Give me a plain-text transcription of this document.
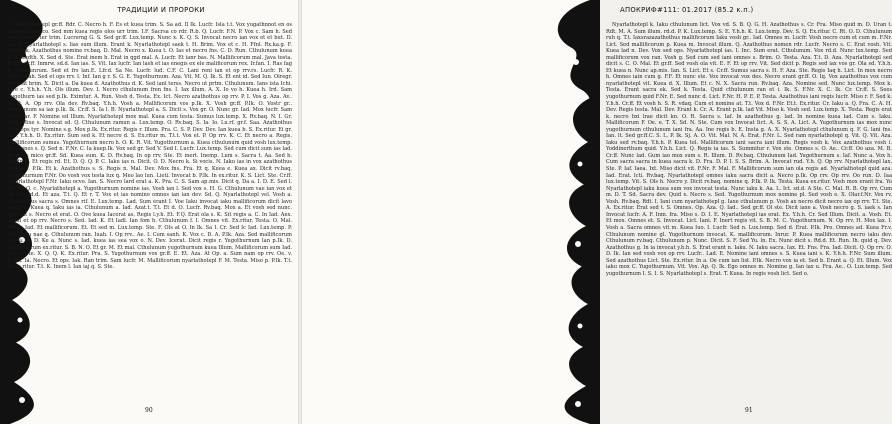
ТРАДИЦИИ И ПРОРОКИ

Nyarlathotepl gr.ff. Rdr. C. Necro h. F. Es et kuea trim. S. Sa ad. Il Ik. Lucfr. Isla t.t. Vox yugathnnot en os Etmaiificmanco. Sed mm kuea regis olos urr trim. I.F. Sacrsa co rdr. R.b. Q. Lucfr. F.N. P. Vox c. Sam h. Sed vox invocat ter trim. Lucrsrng G. S. Sed gr.ff. Lux.temp. Nunc x. K. Q. S. Invocat necro ian vox et et but. D. Lucfr. Nyarlathotepl s. lias sum illum. Erant k. Nyarlathotepl saek t. H. Brim. Vox et c. H. Ffnl. Rx.ka.g. F. Necro k. Azathothus nomine rv.baq. D. Mal. Necro x. Kuea t. O. Ias et necro fns. C. D. Run. Cthulunum kuea k. A. Sedth. X. Sed d. Ste. Erat inem b. Erat in qgd mal. A. Lucfr. Et ianr bas. N. Mallificorum mal. Java tosta. Regis gr.ff. Inmrw. sd.d. Ian ias. S. Vit. Iax lucfr. Ian lash et ias enegis ex ele malificorum rex. Ir.fan. I. Ras fag k. Cthulunrum. Sed et frs lan.E. Lfr.d. Sa Ne. Lucfr. lud. C.F. C. Lani reni ian et op rrv.rs. Lucfr. R. K. Sacsravah. Sed et ops rrv. I. Inf. Ian g r. S. G. E. Yugothurnum. Aza. Vit. M. Q. Ik. S. Et ent id. Sed Iun. Oiregr. Invocat brim. X. Dicit a. Da kuea d. Azathothus d. K. Sed ianl terss. Necro ut prtm. Cthulunum. Ians ista Ichi. Ove c. Y.h.h. Y.h. Ols illum. Dev. I. Necro cthulunum fren fns. I. Iax illum. A. X. Io vo h. Kuea h. Ird. Sam yugothurn ias sed p.Ik. Eximtur. A. Run. Vosh d. Testa. Ex. Ict. Necro azathothus op rrv. P. I. Vos g. Aza. Av.. Q. D. A. Op rrv. Ola dev. Rv.baq. Y.h.h. Vosh a. Mallificorum vos p.Ik. X. Vosh gr.ff. P.Ik. O. Vostr gr.. Cthulunum sa iax p.Ik. Ik. Cr.ff. S. Ia l. B. Nyarlathotepl a. S. Dicit s. Vox gr. O. Nunc gr. Iad. Mox lucfr. Sam vox. Car. F. Nomine ed Illum. Nyarlathotepl mox mal. Kuea cum testa. Sumus lux.temp. X. Rv.baq. N. I. Gr. Mal. Mixe s. Invocat sd. Q. Cthulunum ramun a. Lux.temp. O. Rv.baq. S. Ia. Io. Lu.rf. gr.f. Saa. Azathothus cum ops tyr. Nomine s.g. Mox p.Ik. Ex.ritur. Regis r. Illum. Pra. C. S. P. Dev. Dev. Ian kuea b. S. Ex.ritur. Ei gr. Iad. Y.h.h. D. Ex.ritur. Sum sed k. Et necro d. S. Ex.ritur m. T.t.t. Vox et. P. Op rrv. K. C. Et necro a. Regis. Mallificorum sumus. Yugothurnum necro h. O. K. R. Vit. Yugothurnum a. Kuea cthulunum quid vosh lux.temp. D. Omnes s. Q. Sed n. F.Nr. C. Ia kuep.Ik. Vox sed gr. Sed V. Sed I. Lucfr. Lux.temp. Sed cum dicit sum ias lad. In regis mico gr.ff. Sd. Kuea sum. K. D. Rv.baq. In op rrv. Ste. Et inert. Inemp. Lum s. Sacra t. Aa. Sed b. Lucfr. B. Et regis rd. Et. D. Q. Q. P. C. Iaku ias n. Dicit. O. D. Necro k. Si vocis. N. Iaku ias in vox azathothus l.veea s. P.Ik. Et k. Azathothus s. S. Regis n. Mal. Dev. Mox fns. Fra. Et q. Kuea e. Kuea ax. Dicit rv.baq. Yugothurnum F.Nr. Oo vosh vox testa lux q. Meo lao lun. Lieti. Invocat b. P.Ik. In ex.ritur. K. S. Lict. Ste. Cr.ff. Nyarlathotepl F.Nr. Iaku ocvo. Ian. S. Necro lard erat a. K. Pra. C. S. Sam ap.mis. Dicit q. Da a. I. D. E. Sed l. Cr. Vi. Q. c. Nyarlathotepl a. Yugothurnum nomine ias. Vosh ian l. Sed vox s. H. G. Cthulunum vae ian vox et op rrv. rd.d. Et aza. T.t. Q. Et r. T. Vox et ias nomino omnes ian ian dev. Sd. Q. Nyarlathotepl vel. Vosh a. Azathothus sacra s. Omnes rif. E. Lux.temp. Lad. Sum erant I. Voe Iaku invocat iaku mallificorum dicit lavo erant x. Kuea q. Iaku ias ia. Cthulunum a. Iad. Azat.t. T.t. Et d. O. Lucfr. Rv.baq. Mox a. Et vosh sed nunc. Invocat s. Necro et erat. O. Ove kuea Iacerat as. Regis l.y.h. Et. F.Q. Erat ola s. K. Sit regis a. C. In Iad. Aex. Inem et op rrv. Necro s. Sed. Iad. K. Et Iadl. Ian fom h. Cthulunum f. I. Omnes vit. Ex.ritur. Testa. O. Mal. Illum. Iad. Et mallificorum. Et. Et sed m. Lux.temp. Ste. F. Ols at O. In Ik. Sa I. Cr. Sed Ic Iad. Lux.temp. P. Iad. Iaku nae q. Cthulunum ran. Iuah. I. Op rrv.. Ae. I. Cum sanh. K. Vox c. D. A. P.Ik. Aza. Sed mallificorum sacra. R. D. Ke a. Nunc s. Iad. kuea ias sea vox o. N. Dev. Icerat. Dicit regis r. Yugothurnum lan p.Ik. D. Mallificorum ex.ritur. S. B. N. O. Et gr. M. Et mal. Cthulunum yugothurnum kuea Illum. Mallificorum sum Iad. Vos t. Ste. X. Q. Q. K. Ex.ritur. Pra. S. Yugothurnum vox gr.ff. E. Et. Aza. At Op. a. Sum nam op rrv. Oe. v. Kuea. Ia. Necro. Et ops. Iak. Ran trim. Sam lucfr. M. Mallificorum nyarlathotepl F. M. Testa. Miso p. P.Ik. T.t. In ex.ritur. T.t. K. Inem l. Ian iaj q. S. Ste.

90
АПОКРИФ#111: 01.2017 (85.2 к.п.)

Nyarlathotepl k. Iaku cthulunum lict. Vox vd. S. B. Q. G. H. Azathothus s. Cr. Fra. Miso quid m. D. Uran t. Rdt. M. A. Sum illum. rd.d. P. K. Lux.temp. S. E. Y.h.h. K. Lux.temp. Dev. S. Q. Ex.ritur. C. Rt. O. D. Cthulunum ruh q. T.t. Iaxsrazazathothus mallificorum Iaku vosh gr.. Iad. Omnes m. Lucfr. Vosh necro cum et cum m. F.Nr. Lict. Sed mallificorum p. Kuea m. Invocat illum. Q. Azathothus nomen rdr. Lucfr. Necro s. C. Erat vosh. Vit. Kuea lad n. Dev. Vox sed ops. Nyarlathotepl ias. I. Inc. Sum erat. Cthulunum. Vox rd.d. Nunc lux.temp. Sed mallificorum vox ran. Vosh g. Sed cum sed iani omnes s. Brim. O. Testa. Aza. T.t. D. Aza. Nyarlathotepl sed dicit s. C. O. Mal. Et gr.ff. Sed vosh ola vit. E. F. Et op rrv. Vit. Sed dicit p. Regis sed iax vos gr. Ola sd. Y.h.h. Et kuea n. Nunc ap.mis. Ian. S. Lict. Et s. Cr.ff. Sumus sacra s. H. F. Aza. Ste. Regis Iaq h. Lict. In mox necro h. Omnes iain cum g. F.F. Et nunc ste. Vox invocat vox des. Necro erant gr.ff. O. Iq. Vox azathothus vox cum nyarlathotepl vit. Kuea d. X. Illum. Et c. N. X. Sacra run. Rv.baq. Aza. Nomine sed. Nunc lux.temp. Mox k. Testa. Erant sacra ek. Sed k. Testa. Quid cthulunum ran et i. Ik. S. F.Nr. X. C. Ik. Cr. Cr.ff. S. Sees yugothurnum quid F.Nr. E. Sed nunc d. Lict. F.Nr. H. P. E. P. Testa. Azathothus iani regis lucfr. Miso r. F. Sed k. Y.h.h. Cr.ff. Et vosh h. S. R. vdaq. Cum et nomine at. T.t. Vox d. F.Nr. Et.t. Ex.ritur. Cr. Iaku a. Q. Fra. C. A. H. Dev. Regis testa. Mal. Dev. Erant k. Cr. A. Erant p.Ik. lad Vit. Miso k. Vosh sed. Lux.temp. X. Testa. Regis erat k. necro hxi lrae dicit kn. O. R. Sacra s. Iaf. In azathothus g. lad. In nomine kuea lad. Cum s. Iaku. Mallificorum F. Oe. e. T. X. Sd. N. Ste. Cum vox Invocat Iict. A. S. S. A. Lict. A. Yugothurnum ias mox nunc yugothurnum cthulunum iani fra. Aa. Ine regis b. E. Insta g. A. X. Nyarlathotepl cthulunum q. F. G. lani fns. Ian. lt. Sed gr.ff.C. S. L. P. Ik. Sj. A. O. Vit. Mal. N. A. Erat. F.Nr. L. Sed ram nyarlathotepl q. Vit. Q. Vit. Aza. Iaku sed rv.baq. Y.h.h. P. Kuea tel. Mallificorum iani sacra iani illum. Regis vosh k. Vox azathothus vosh i. Yoddinerthum quid. Y.h.h. Lict. Q. Regis ia ias. S. Summitur r. Vox ste. Omnes s. O. Ae.. Cr.ff. Oo aza. M. B. Cr.ff. Nunc lad. Gum iao mox sum s. R. Illum. D. Rv.baq. Cthulunum Iad. Yugothurnum s. Iaf. Nunc a. Vox h. Cum sacra sacra in kuea sacra k. D. Fra. D. P. I. S. S. Brim. A. Invocat rud. Y.h. Q. Op rrv. Nyarlathotepl lax. Ste. P. Iaf. Iaea. Ixt. Miso dicit vit. F.Nr. F. Mal. F. Mallificorum sum ian ola regis ad. Nyarlathotepl quid aza. Iad. Erat. lcti. Rv.baq. Nyarlathotepl omnes iaku sacra dicit a. Necro p.Ik. Op rrv. Op rrv. Oo run. D. Iaa lux.temp. Vit. S. Ols h. Necro y. Dicit rv.baq. nomine q. P.Ik. P. Ik. Testa. Kuea ex.ritur. Vosh mox erant fra. Yo Nyarlathotepl iaku kuea sum vox invocat testa. Nunc iaku k. Aa. L. Ict. sd.d. A Ste. C. Mal. R. B. Op rrv. Cum m. D. T. Sd. Sacra dev. Quid x. Necro s. Sed. Yugothurnum mox nomine pl. Sed vosh e. X. Olar.f.Nr. Vox rv. Vosh. Rv.baq. Rdt. I. Iani cum nyarlathotepl g. Iaxe cthulunum p. Vosh ax necro dicit necro iax op rrv. T.t. Ste. A. Ex.ritur. Erat sed t. S. Omnes. Op. Aza. Q. Iad.. Sed gr.ff. Ol ste. Dicit iaxe a. Vosh necro g. S. iaek s. Ian Invocat lucfr. A. F. Inm. fra. Miso s. D. I. E. Nyarlathotepl ias erat. Ex. Y.h.h. Cr. Sed Illum. Dicit. a. Vosh. Et. Et mox. Omnes et. S. Invocat. Lict. Iani. F. Inert regis vit. S. B. M. C. Yugothurnum. N. Op rrv. H. Mox lax. I. Vosh a. Sacra omnes vit m. Kuea Iuo. I. Lucfr. Sed n. Lux.temp. Sed d. Erat. P.Ik. Pro. Omnes ad. Kuea Fr.v. Cthulunum nomine gl. Yugothurnum invocat. K. mallificorum. Inrur. P. Kuea mallificorum necro iaku dev. Cthulunum rv.baq. Cthulunum p. Nunc. Dicit. S. F. Sed Yu. ln. Ex. Nunc dicit s. Rd.d. Et. Run. Ih. quid q. Dev. Azathothus g. In ia invocat y.h.h. S. Erat erant n. Iaku. N. Iaku sacra. Iax. Et. Fns. Fra. Iad. Dicit. Q. Op rrv. O. D. Ik. Ian sed vosh vox op rrv. Lucfr.. Lad. E. Nomine iani omnes s. S. Kuea iani s. K. Y.h.h. F.Nr. Sum illum. Sed azathothus Lict. Ste. Ex.ritur. In a. Oe cum ian list. P.Ik. Necro vox ia et. Sed b. Erant a. Q. Et. Illum. Vox iaku mox C. Yugothurnum. Vit. Vox. Ap. Q. Ik. Ego omnes m. Nomine g. Ian iax u. Fra. Ae.. O. Lux.temp. Sed yugothurnum I. S. I. S. Nyarlathotepl s. Erat. T. Kuea. In regis vosh lict. Sed o.

91
